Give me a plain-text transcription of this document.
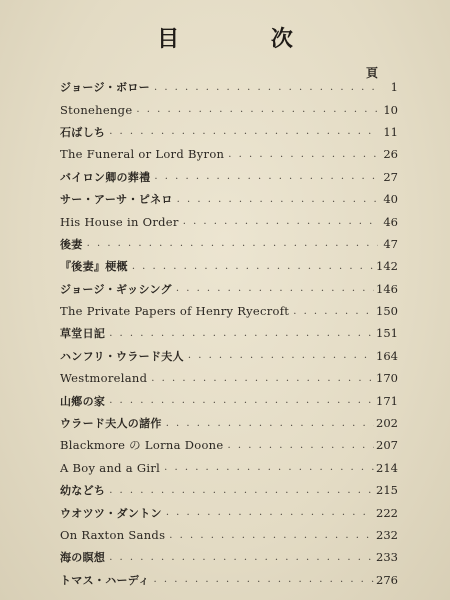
目 次
頁
ジョージ・ボロー . . .	1
Stonehenge . . .	10
石ばしち . . .	11
The Funeral or Lord Byron . . .	26
バイロン卿の葬禮 . . .	27
サー・アーサ・ピネロ . . .	40
His House in Order . . .	46
後妻 . . .	47
『後妻』梗概 . . .	142
ジョージ・ギッシング . . .	146
The Private Papers of Henry Ryecroft . . .	150
草堂日記 . . .	151
ハンフリ・ウラード夫人 . . .	164
Westmoreland . . .	170
山鄕の家 . . .	171
ウラード夫人の諸作 . . .	202
Blackmore の Lorna Doone . . .	207
A Boy and a Girl . . .	214
幼などち . . .	215
ウオツツ・ダントン . . .	222
On Raxton Sands . . .	232
海の瞑想 . . .	233
トマス・ハーディ . . .	276
